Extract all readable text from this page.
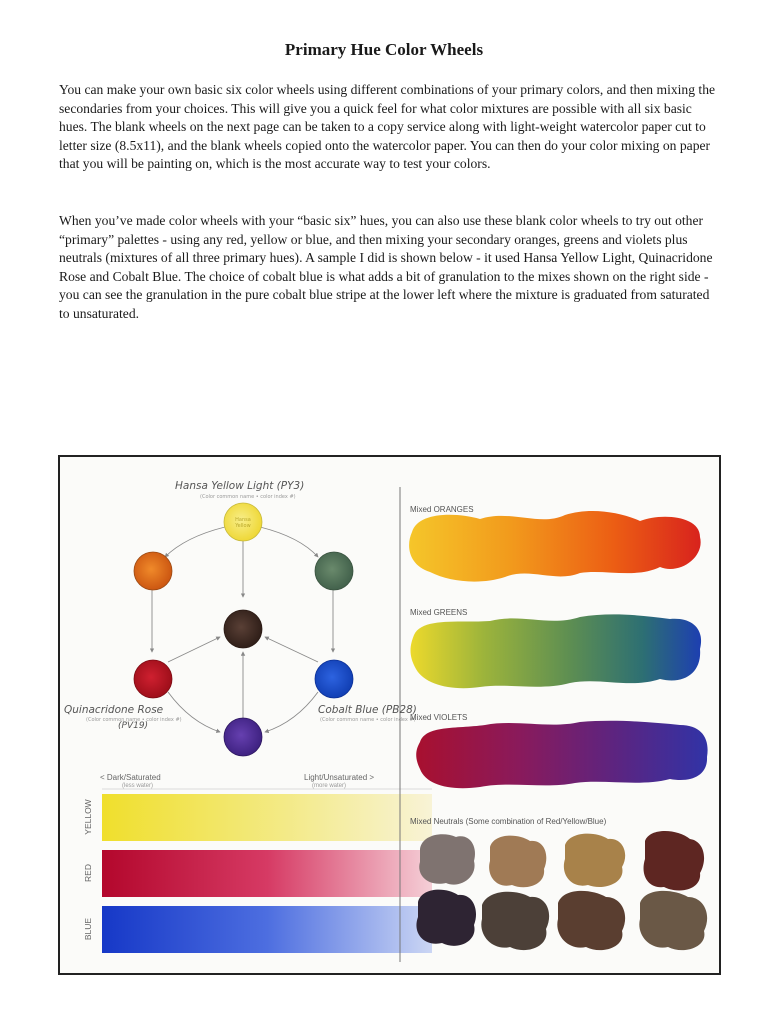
Primary Hue Color Wheels

You can make your own basic six color wheels using different combinations of your primary colors, and then mixing the secondaries from your choices. This will give you a quick feel for what color mixtures are possible with all six basic hues. The blank wheels on the next page can be taken to a copy service along with light-weight watercolor paper cut to letter size (8.5x11), and the blank wheels copied onto the watercolor paper. You can then do your color mixing on paper that you will be painting on, which is the most accurate way to test your colors.

When you’ve made color wheels with your “basic six” hues, you can also use these blank color wheels to try out other “primary” palettes - using any red, yellow or blue, and then mixing your secondary oranges, greens and violets plus neutrals (mixtures of all three primary hues). A sample I did is shown below - it used Hansa Yellow Light, Quinacridone Rose and Cobalt Blue. The choice of cobalt blue is what adds a bit of granulation to the mixes shown on the right side - you can see the granulation in the pure cobalt blue stripe at the lower left where the mixture is graduated from saturated to unsaturated.

Hansa Yellow Light (PY3)
(Color common name • color index #)
Hansa Yellow
Quinacridone Rose
(Color common name • color index #)
(PV19)
Cobalt Blue (PB28)
(Color common name • color index #)
< Dark/Saturated
(less water)
Light/Unsaturated >
(more water)
YELLOW
RED
BLUE
Mixed ORANGES
Mixed GREENS
Mixed VIOLETS
Mixed Neutrals (Some combination of Red/Yellow/Blue)
